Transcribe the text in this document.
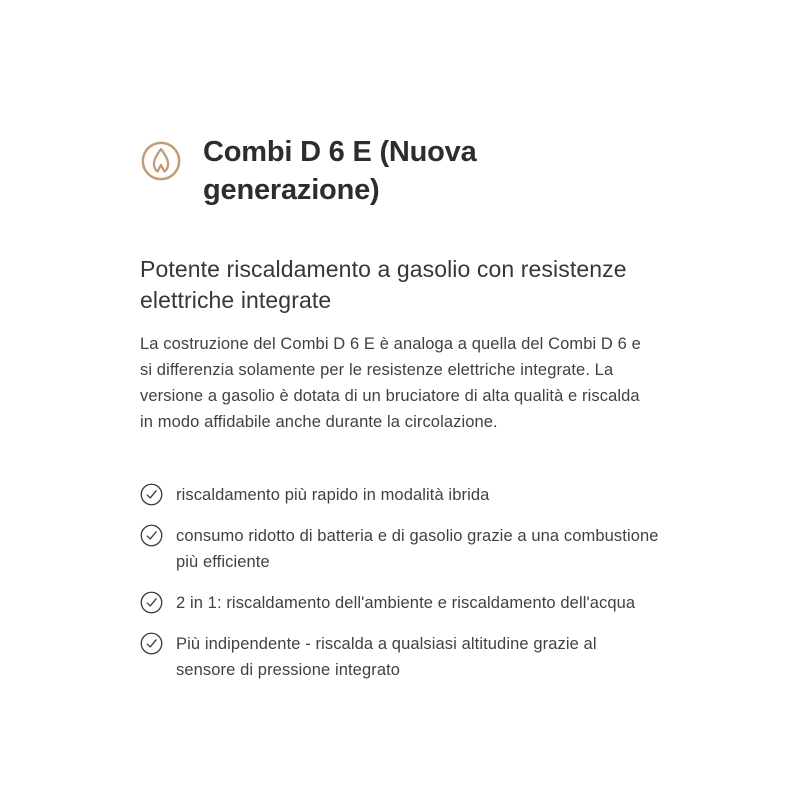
Combi D 6 E (Nuova generazione)
Potente riscaldamento a gasolio con resistenze elettriche integrate

La costruzione del Combi D 6 E è analoga a quella del Combi D 6 e si differenzia solamente per le resistenze elettriche integrate. La versione a gasolio è dotata di un bruciatore di alta qualità e riscalda in modo affidabile anche durante la circolazione.

riscaldamento più rapido in modalità ibrida
consumo ridotto di batteria e di gasolio grazie a una combustione più efficiente
2 in 1: riscaldamento dell'ambiente e riscaldamento dell'acqua
Più indipendente - riscalda a qualsiasi altitudine grazie al sensore di pressione integrato
